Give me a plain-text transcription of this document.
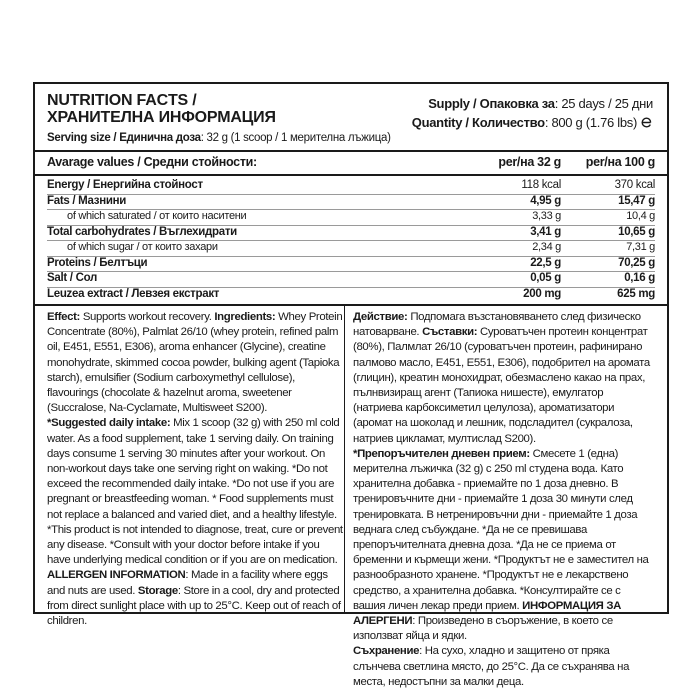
NUTRITION FACTS /
ХРАНИТЕЛНА ИНФОРМАЦИЯ
Serving size / Единична доза: 32 g (1 scoop / 1 мерителна лъжица)
Supply / Опаковка за: 25 days / 25 дни
Quantity / Количество: 800 g (1.76 lbs)
Avarage values / Средни стойности:	per/на 32 g per/на 100 g
Energy / Енергийна стойност	118 kcal	370 kcal
Fats / Мазнини	4,95 g	15,47 g
of which saturated / от които наситени	3,33 g	10,4 g
Total carbohydrates / Въглехидрати	3,41 g	10,65 g
of which sugar / от които захари	2,34 g	7,31 g
Proteins / Белтъци	22,5 g	70,25 g
Salt / Сол	0,05 g	0,16 g
Leuzea extract / Левзея екстракт	200 mg	625 mg

Effect: Supports workout recovery. Ingredients: Whey Protein Concentrate (80%), Palmlat 26/10 (whey protein, refined palm oil, E451, E551, E306), aroma enhancer (Glycine), creatine monohydrate, skimmed cocoa powder, bulking agent (Tapioka starch), emulsifier (Sodium carboxymethyl cellulose), flavourings (chocolate & hazelnut aroma, sweetener (Succralose, Na-Cyclamate, Multisweet S200).

*Suggested daily intake: Mix 1 scoop (32 g) with 250 ml cold water. As a food supplement, take 1 serving daily. On training days consume 1 serving 30 minutes after your workout. On non-workout days take one serving right on waking. *Do not exceed the recommended daily intake. *Do not use if you are pregnant or breastfeeding woman. * Food supplements must not replace a balanced and varied diet, and a healthy lifestyle. *This product is not intended to diagnose, treat, cure or prevent any disease. *Consult with your doctor before intake if you have underlying medical condition or if you are on medication.

ALLERGEN INFORMATION: Made in a facility where eggs and nuts are used. Storage: Store in a cool, dry and protected from direct sunlight place with up to 25°C. Keep out of reach of children.

Действие: Подпомага възстановяването след физическо натоварване. Съставки: Суроватъчен протеин концентрат (80%), Палмлат 26/10 (суроватъчен протеин, рафинирано палмово масло, Е451, Е551, Е306), подобрител на аромата (глицин), креатин монохидрат, обезмаслено какао на прах, пълнвизиращ агент (Тапиока нишесте), емулгатор (натриева карбоксиметил целулоза), ароматизатори (аромат на шоколад и лешник, подсладител (сукралоза, натриев цикламат, мултислад S200).

*Препоръчителен дневен прием: Смесете 1 (една) мерителна лъжичка (32 g) с 250 ml студена вода. Като хранителна добавка - приемайте по 1 доза дневно. В тренировъчните дни - приемайте 1 доза 30 минути след тренировката. В нетренировъчни дни - приемайте 1 доза веднага след събуждане. *Да не се превишава препоръчителната дневна доза. *Да не се приема от бременни и кърмещи жени. *Продуктът не е заместител на разнообразното хранене. *Продуктът не е лекарствено средство, а хранителна добавка. *Консултирайте се с вашия личен лекар преди прием. ИНФОРМАЦИЯ ЗА АЛЕРГЕНИ: Произведено в съоръжение, в което се използват яйца и ядки.

Съхранение: На сухо, хладно и защитено от пряка слънчева светлина място, до 25°С. Да се съхранява на места, недостъпни за малки деца.
